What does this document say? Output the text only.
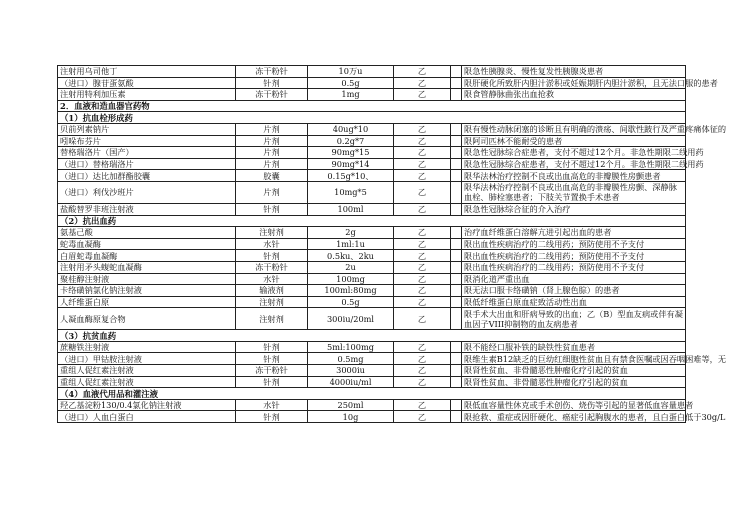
注射用乌司他丁	冻干粉针	10万u	乙		限急性胰腺炎、慢性复发性胰腺炎患者
（进口）腺苷蛋氨酸	针剂	0.5g	乙		限肝硬化所致肝内胆汁淤积或妊娠期肝内胆汁淤积，且无法口服的患者
注射用特利加压素	冻干粉针	1mg	乙		限食管静脉曲张出血抢救
2．血液和造血器官药物					
（1）抗血栓形成药					
贝前列素钠片	片剂	40ug*10	乙		限有慢性动脉闭塞的诊断且有明确的溃疡、间歇性跛行及严重疼痛体征的
吲哚布芬片	片剂	0.2g*7	乙		限阿司匹林不能耐受的患者
替格瑞洛片（国产）	片剂	90mg*15	乙		限急性冠脉综合症患者，支付不超过12个月。非急性期限二线用药
（进口）替格瑞洛片	片剂	90mg*14	乙		限急性冠脉综合症患者，支付不超过12个月。非急性期限二线用药
（进口）达比加群酯胶囊	胶囊	0.15g*10、	乙		限华法林治疗控制不良或出血高危的非瓣膜性房颤患者
（进口）利伐沙班片	片剂	10mg*5	乙		限华法林治疗控制不良或出血高危的非瓣膜性房颤、深静脉血栓、肺栓塞患者；下肢关节置换手术患者
盐酸替罗非班注射液	针剂	100ml	乙		限急性冠脉综合征的介入治疗
（2）抗出血药					
氨基己酸	注射剂	2g	乙		治疗血纤维蛋白溶解亢进引起出血的患者
蛇毒血凝酶	水针	1ml:1u	乙		限出血性疾病治疗的二线用药；预防使用不予支付
白眉蛇毒血凝酶	针剂	0.5ku、2ku	乙		限出血性疾病治疗的二线用药；预防使用不予支付
注射用矛头蝮蛇血凝酶	冻干粉针	2u	乙		限出血性疾病治疗的二线用药；预防使用不予支付
聚桂醇注射液	水针	100mg	乙		限消化道严重出血
卡络磺钠氯化钠注射液	输液剂	100ml:80mg	乙		限无法口服卡络磺钠（肾上腺色腙）的患者
人纤维蛋白原	注射剂	0.5g	乙		限低纤维蛋白原血症致活动性出血
人凝血酶原复合物	注射剂	300iu/20ml	乙		限手术大出血和肝病导致的出血；乙（B）型血友病或伴有凝血因子VIII抑制物的血友病患者
（3）抗贫血药					
蔗糖铁注射液	针剂	5ml:100mg	乙		限不能经口服补铁的缺铁性贫血患者
（进口）甲钴胺注射液	针剂	0.5mg	乙		限维生素B12缺乏的巨幼红细胞性贫血且有禁食医嘱或因吞咽困难等，无
重组人促红素注射液	冻干粉针	3000iu	乙		限肾性贫血、非骨髓恶性肿瘤化疗引起的贫血
重组人促红素注射液	针剂	4000iu/ml	乙		限肾性贫血、非骨髓恶性肿瘤化疗引起的贫血
（4）血液代用品和灌注液					
羟乙基淀粉130/0.4氯化钠注射液	水针	250ml	乙		限低血容量性休克或手术创伤、烧伤等引起的显著低血容量患者
（进口）人血白蛋白	针剂	10g	乙		限抢救、重症或因肝硬化、癌症引起胸腹水的患者，且白蛋白低于30g/L
